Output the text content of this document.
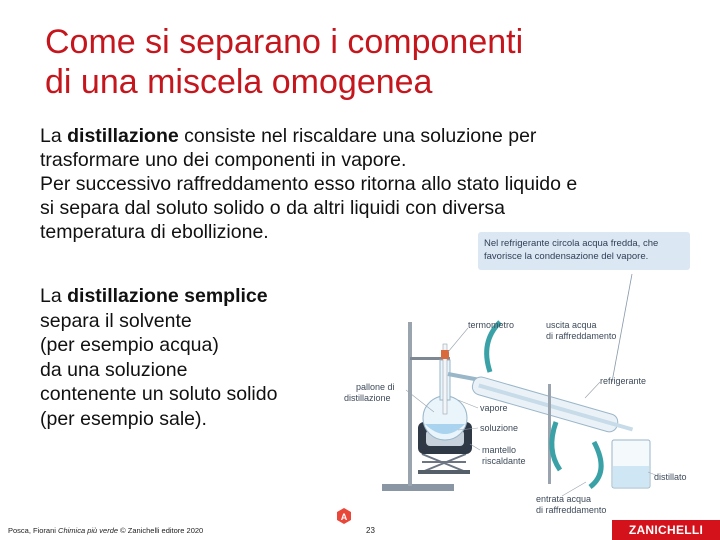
Come si separano i componenti
di una miscela omogenea
La distillazione consiste nel riscaldare una soluzione per
trasformare uno dei componenti in vapore.
Per successivo raffreddamento esso ritorna allo stato liquido e
si separa dal soluto solido o da altri liquidi con diversa
temperatura di ebollizione.
La distillazione semplice
separa il solvente
(per esempio acqua)
da una soluzione
contenente un soluto solido
(per esempio sale).
Nel refrigerante circola acqua fredda, che
favorisce la condensazione del vapore.
termometro	uscita acqua
di raffreddamento
pallone di
distillazione
refrigerante
vapore
soluzione
mantello
riscaldante
distillato
entrata acqua
di raffreddamento
A
Posca, Fiorani Chimica più verde © Zanichelli editore 2020	23	ZANICHELLI
